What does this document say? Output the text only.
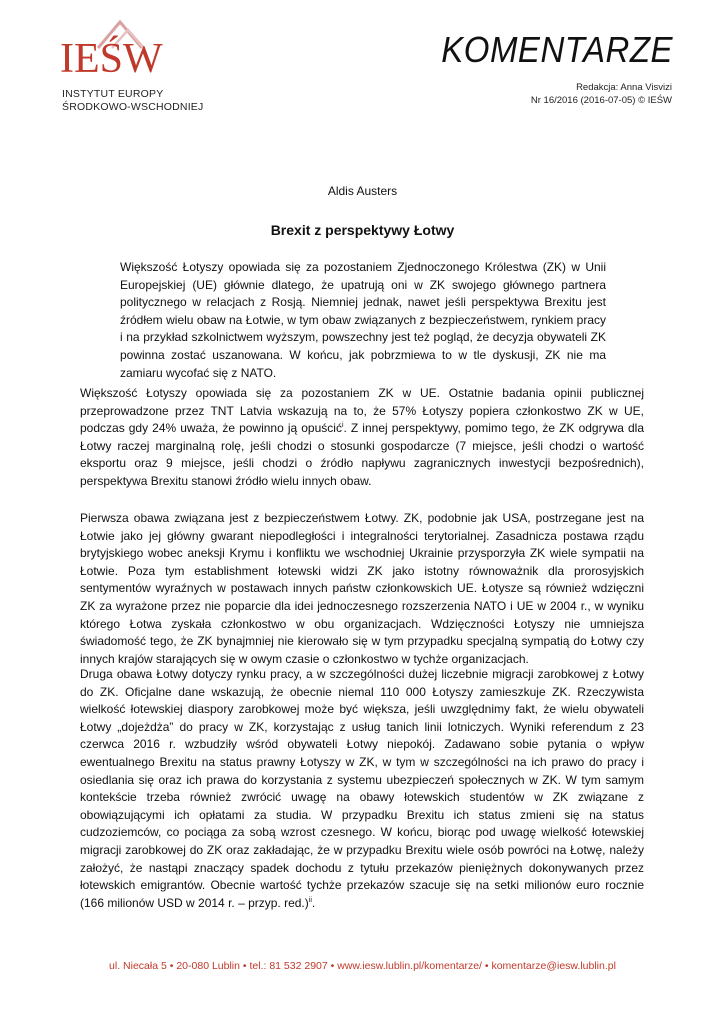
IEŚW
INSTYTUT EUROPY
ŚRODKOWO-WSCHODNIEJ
KOMENTARZE
Redakcja: Anna Visvizi
Nr 16/2016 (2016-07-05) © IEŚW
Aldis Austers
Brexit z perspektywy Łotwy
Większość Łotyszy opowiada się za pozostaniem Zjednoczonego Królestwa (ZK) w Unii Europejskiej (UE) głównie dlatego, że upatrują oni w ZK swojego głównego partnera politycznego w relacjach z Rosją. Niemniej jednak, nawet jeśli perspektywa Brexitu jest źródłem wielu obaw na Łotwie, w tym obaw związanych z bezpieczeństwem, rynkiem pracy i na przykład szkolnictwem wyższym, powszechny jest też pogląd, że decyzja obywateli ZK powinna zostać uszanowana. W końcu, jak pobrzmiewa to w tle dyskusji, ZK nie ma zamiaru wycofać się z NATO.

Większość Łotyszy opowiada się za pozostaniem ZK w UE. Ostatnie badania opinii publicznej przeprowadzone przez TNT Latvia wskazują na to, że 57% Łotyszy popiera członkostwo ZK w UE, podczas gdy 24% uważa, że powinno ją opuścić$^i$. Z innej perspektywy, pomimo tego, że ZK odgrywa dla Łotwy raczej marginalną rolę, jeśli chodzi o stosunki gospodarcze (7 miejsce, jeśli chodzi o wartość eksportu oraz 9 miejsce, jeśli chodzi o źródło napływu zagranicznych inwestycji bezpośrednich), perspektywa Brexitu stanowi źródło wielu innych obaw.

Pierwsza obawa związana jest z bezpieczeństwem Łotwy. ZK, podobnie jak USA, postrzegane jest na Łotwie jako jej główny gwarant niepodległości i integralności terytorialnej. Zasadnicza postawa rządu brytyjskiego wobec aneksji Krymu i konfliktu we wschodniej Ukrainie przysporzyła ZK wiele sympatii na Łotwie. Poza tym establishment łotewski widzi ZK jako istotny równoważnik dla prorosyjskich sentymentów wyraźnych w postawach innych państw członkowskich UE. Łotysze są również wdzięczni ZK za wyrażone przez nie poparcie dla idei jednoczesnego rozszerzenia NATO i UE w 2004 r., w wyniku którego Łotwa zyskała członkostwo w obu organizacjach. Wdzięczności Łotyszy nie umniejsza świadomość tego, że ZK bynajmniej nie kierowało się w tym przypadku specjalną sympatią do Łotwy czy innych krajów starających się w owym czasie o członkostwo w tychże organizacjach.

Druga obawa Łotwy dotyczy rynku pracy, a w szczególności dużej liczebnie migracji zarobkowej z Łotwy do ZK. Oficjalne dane wskazują, że obecnie niemal 110 000 Łotyszy zamieszkuje ZK. Rzeczywista wielkość łotewskiej diaspory zarobkowej może być większa, jeśli uwzględnimy fakt, że wielu obywateli Łotwy „dojeżdża” do pracy w ZK, korzystając z usług tanich linii lotniczych. Wyniki referendum z 23 czerwca 2016 r. wzbudziły wśród obywateli Łotwy niepokój. Zadawano sobie pytania o wpływ ewentualnego Brexitu na status prawny Łotyszy w ZK, w tym w szczególności na ich prawo do pracy i osiedlania się oraz ich prawa do korzystania z systemu ubezpieczeń społecznych w ZK. W tym samym kontekście trzeba również zwrócić uwagę na obawy łotewskich studentów w ZK związane z obowiązującymi ich opłatami za studia. W przypadku Brexitu ich status zmieni się na status cudzoziemców, co pociąga za sobą wzrost czesnego. W końcu, biorąc pod uwagę wielkość łotewskiej migracji zarobkowej do ZK oraz zakładając, że w przypadku Brexitu wiele osób powróci na Łotwę, należy założyć, że nastąpi znaczący spadek dochodu z tytułu przekazów pieniężnych dokonywanych przez łotewskich emigrantów. Obecnie wartość tychże przekazów szacuje się na setki milionów euro rocznie (166 milionów USD w 2014 r. – przyp. red.)$^{ii}$.

ul. Niecała 5 • 20-080 Lublin • tel.: 81 532 2907 • www.iesw.lublin.pl/komentarze/ • komentarze@iesw.lublin.pl
